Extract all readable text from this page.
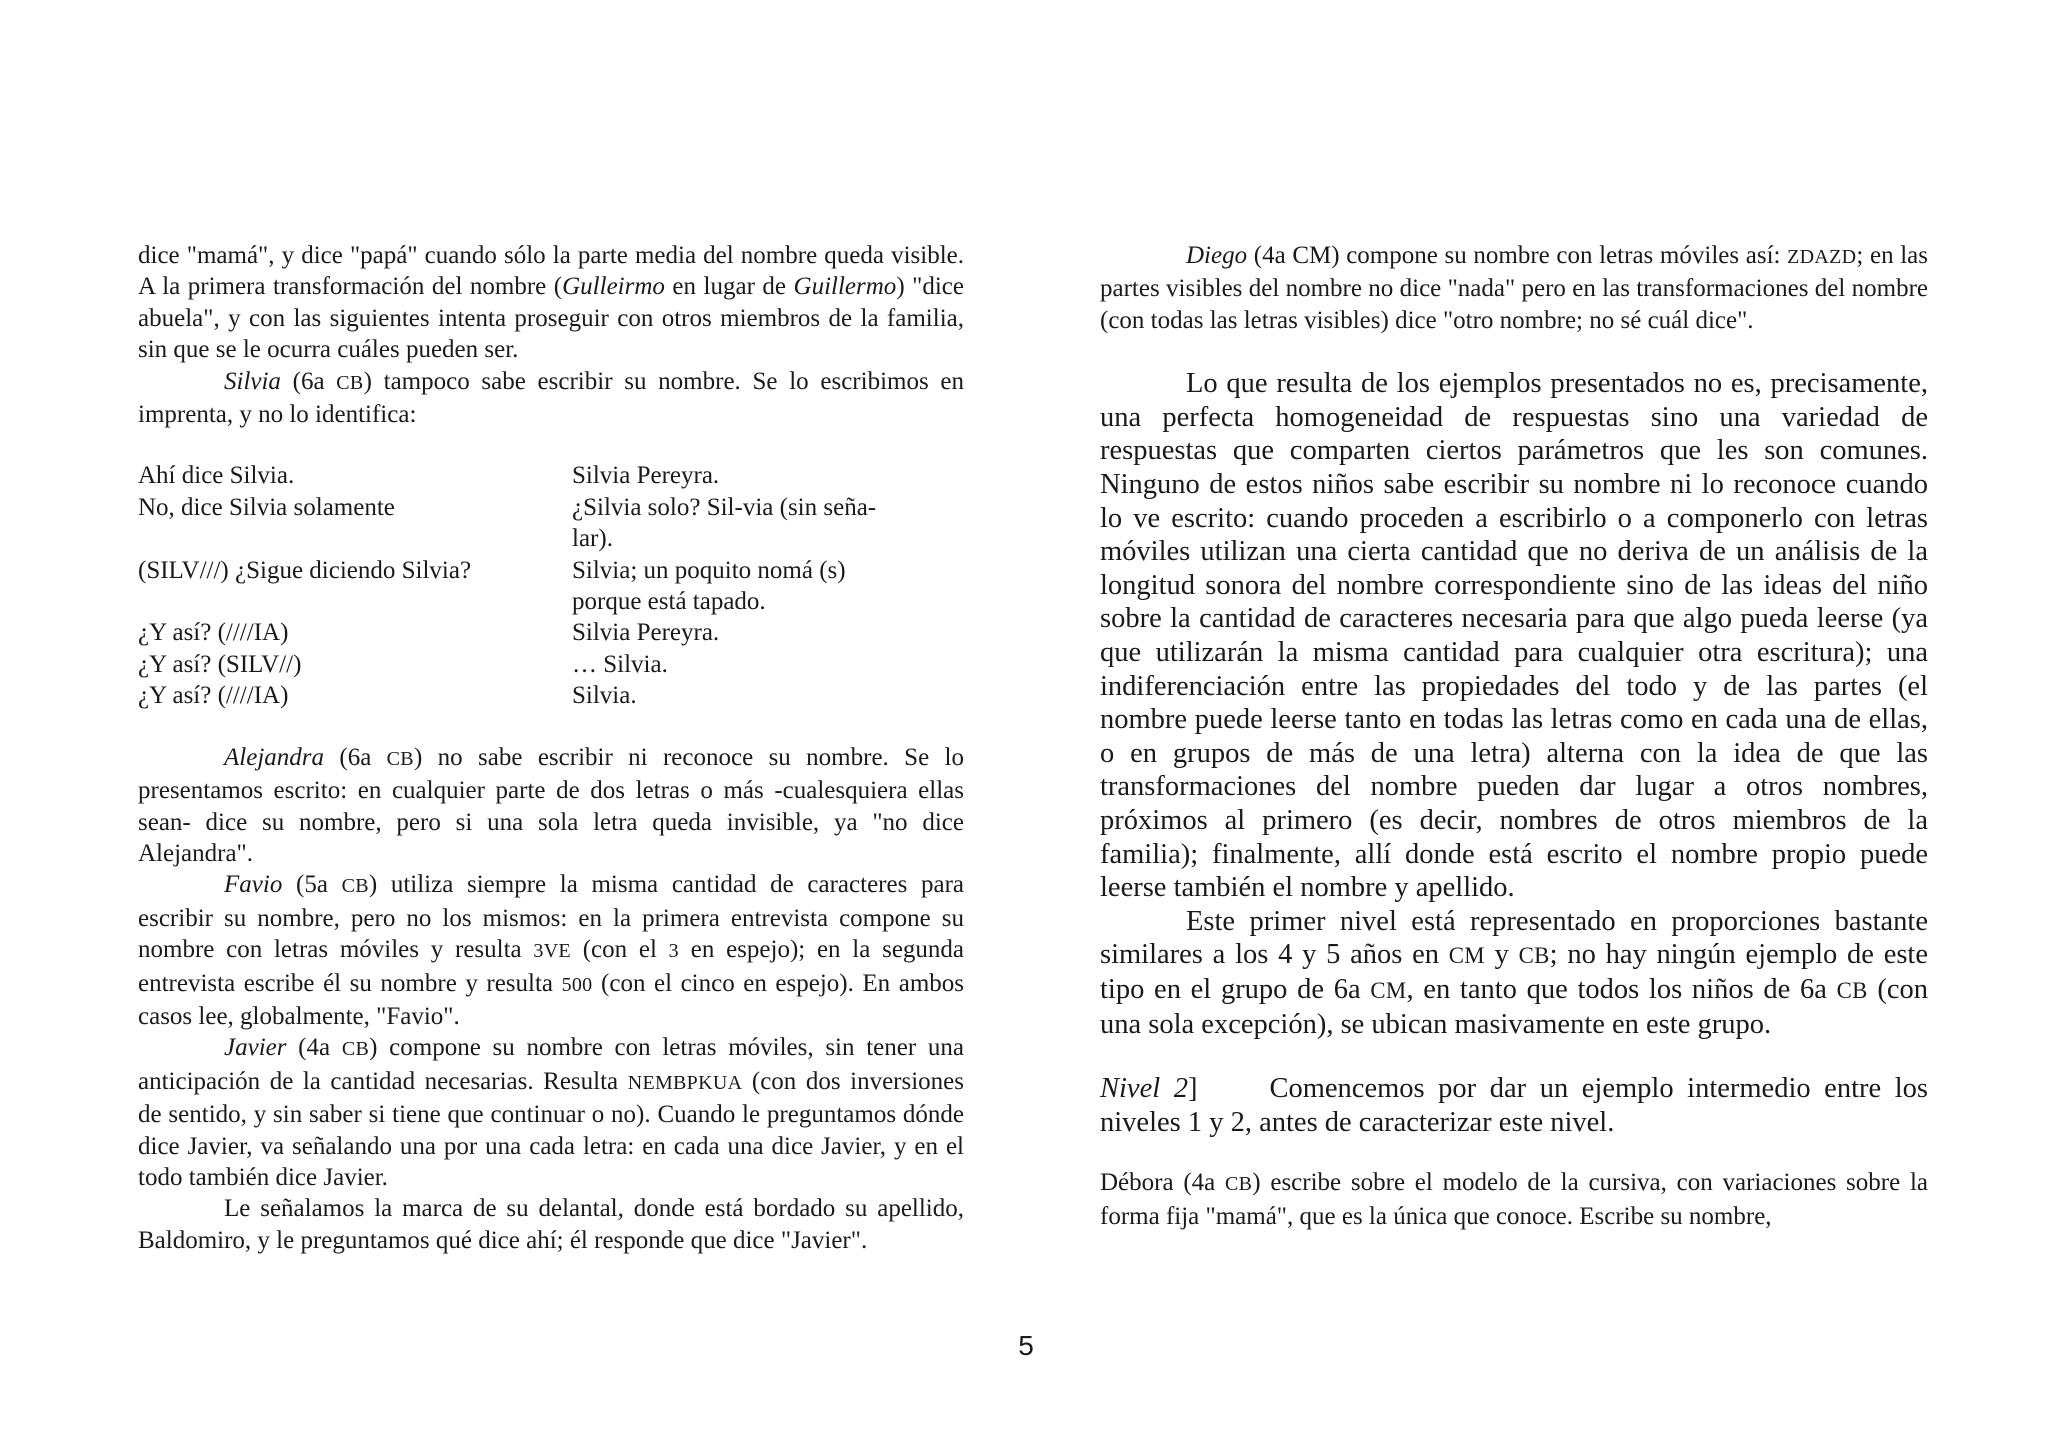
dice "mamá", y dice "papá" cuando sólo la parte media del nombre queda visible. A la primera transformación del nombre (Gulleirmo en lugar de Guillermo) "dice abuela", y con las siguientes intenta proseguir con otros miembros de la familia, sin que se le ocurra cuáles pueden ser.

Silvia (6a CB) tampoco sabe escribir su nombre. Se lo escribimos en imprenta, y no lo identifica:

Ahí dice Silvia.	Silvia Pereyra.
No, dice Silvia solamente	¿Silvia solo? Sil-via (sin seña-
lar).
(SILV///) ¿Sigue diciendo Silvia?	Silvia; un poquito nomá (s)
porque está tapado.
¿Y así? (////IA)	Silvia Pereyra.
¿Y así? (SILV//)	… Silvia.
¿Y así? (////IA)	Silvia.

Alejandra (6a CB) no sabe escribir ni reconoce su nombre. Se lo presentamos escrito: en cualquier parte de dos letras o más -cualesquiera ellas sean- dice su nombre, pero si una sola letra queda invisible, ya "no dice Alejandra".

Favio (5a CB) utiliza siempre la misma cantidad de caracteres para escribir su nombre, pero no los mismos: en la primera entrevista compone su nombre con letras móviles y resulta 3VE (con el 3 en espejo); en la segunda entrevista escribe él su nombre y resulta 500 (con el cinco en espejo). En ambos casos lee, globalmente, "Favio".

Javier (4a CB) compone su nombre con letras móviles, sin tener una anticipación de la cantidad necesarias. Resulta NEMBPKUA (con dos inversiones de sentido, y sin saber si tiene que continuar o no). Cuando le preguntamos dónde dice Javier, va señalando una por una cada letra: en cada una dice Javier, y en el todo también dice Javier.

Le señalamos la marca de su delantal, donde está bordado su apellido, Baldomiro, y le preguntamos qué dice ahí; él responde que dice "Javier".

Diego (4a CM) compone su nombre con letras móviles así: ZDAZD; en las partes visibles del nombre no dice "nada" pero en las transformaciones del nombre (con todas las letras visibles) dice "otro nombre; no sé cuál dice".

Lo que resulta de los ejemplos presentados no es, precisamente, una perfecta homogeneidad de respuestas sino una variedad de respuestas que comparten ciertos parámetros que les son comunes. Ninguno de estos niños sabe escribir su nombre ni lo reconoce cuando lo ve escrito: cuando proceden a escribirlo o a componerlo con letras móviles utilizan una cierta cantidad que no deriva de un análisis de la longitud sonora del nombre correspondiente sino de las ideas del niño sobre la cantidad de caracteres necesaria para que algo pueda leerse (ya que utilizarán la misma cantidad para cualquier otra escritura); una indiferenciación entre las propiedades del todo y de las partes (el nombre puede leerse tanto en todas las letras como en cada una de ellas, o en grupos de más de una letra) alterna con la idea de que las transformaciones del nombre pueden dar lugar a otros nombres, próximos al primero (es decir, nombres de otros miembros de la familia); finalmente, allí donde está escrito el nombre propio puede leerse también el nombre y apellido.

Este primer nivel está representado en proporciones bastante similares a los 4 y 5 años en CM y CB; no hay ningún ejemplo de este tipo en el grupo de 6a CM, en tanto que todos los niños de 6a CB (con una sola excepción), se ubican masivamente en este grupo.

Nivel 2]	Comencemos por dar un ejemplo intermedio entre los niveles 1 y 2, antes de caracterizar este nivel.

Débora (4a CB) escribe sobre el modelo de la cursiva, con variaciones sobre la forma fija "mamá", que es la única que conoce. Escribe su nombre,

5
